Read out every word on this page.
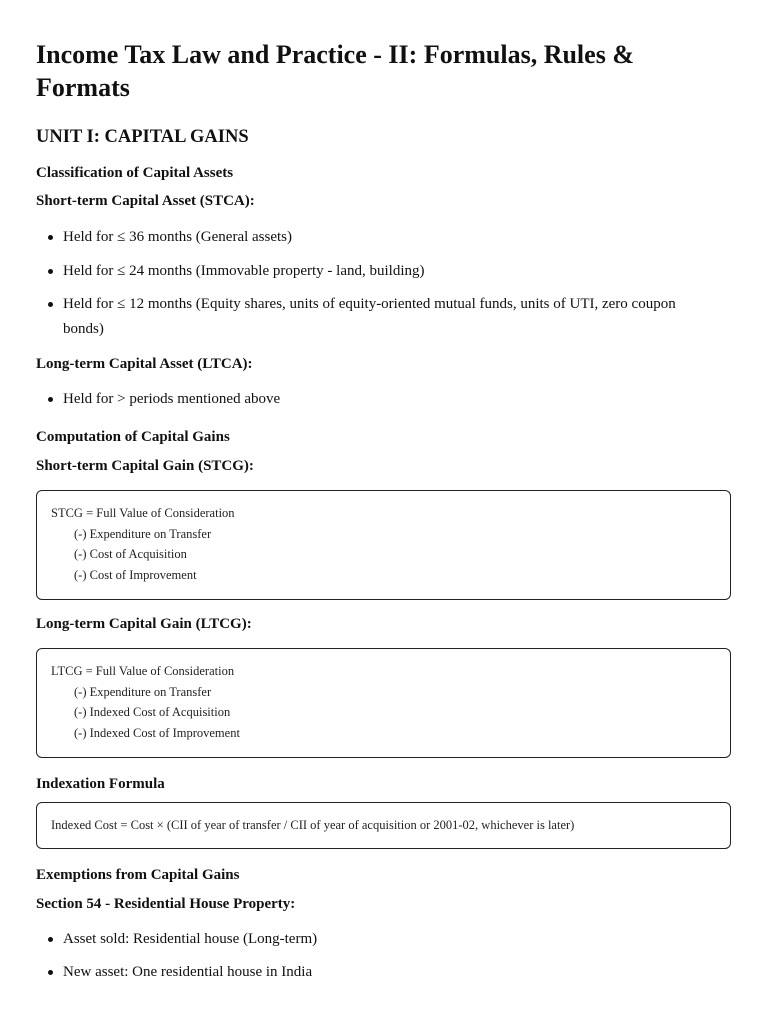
Income Tax Law and Practice - II: Formulas, Rules & Formats
UNIT I: CAPITAL GAINS
Classification of Capital Assets
Short-term Capital Asset (STCA):
Held for ≤ 36 months (General assets)
Held for ≤ 24 months (Immovable property - land, building)
Held for ≤ 12 months (Equity shares, units of equity-oriented mutual funds, units of UTI, zero coupon bonds)
Long-term Capital Asset (LTCA):
Held for > periods mentioned above
Computation of Capital Gains
Short-term Capital Gain (STCG):
STCG = Full Value of Consideration
(-) Expenditure on Transfer
(-) Cost of Acquisition
(-) Cost of Improvement
Long-term Capital Gain (LTCG):
LTCG = Full Value of Consideration
(-) Expenditure on Transfer
(-) Indexed Cost of Acquisition
(-) Indexed Cost of Improvement
Indexation Formula
Indexed Cost = Cost × (CII of year of transfer / CII of year of acquisition or 2001-02, whichever is later)
Exemptions from Capital Gains
Section 54 - Residential House Property:
Asset sold: Residential house (Long-term)
New asset: One residential house in India
